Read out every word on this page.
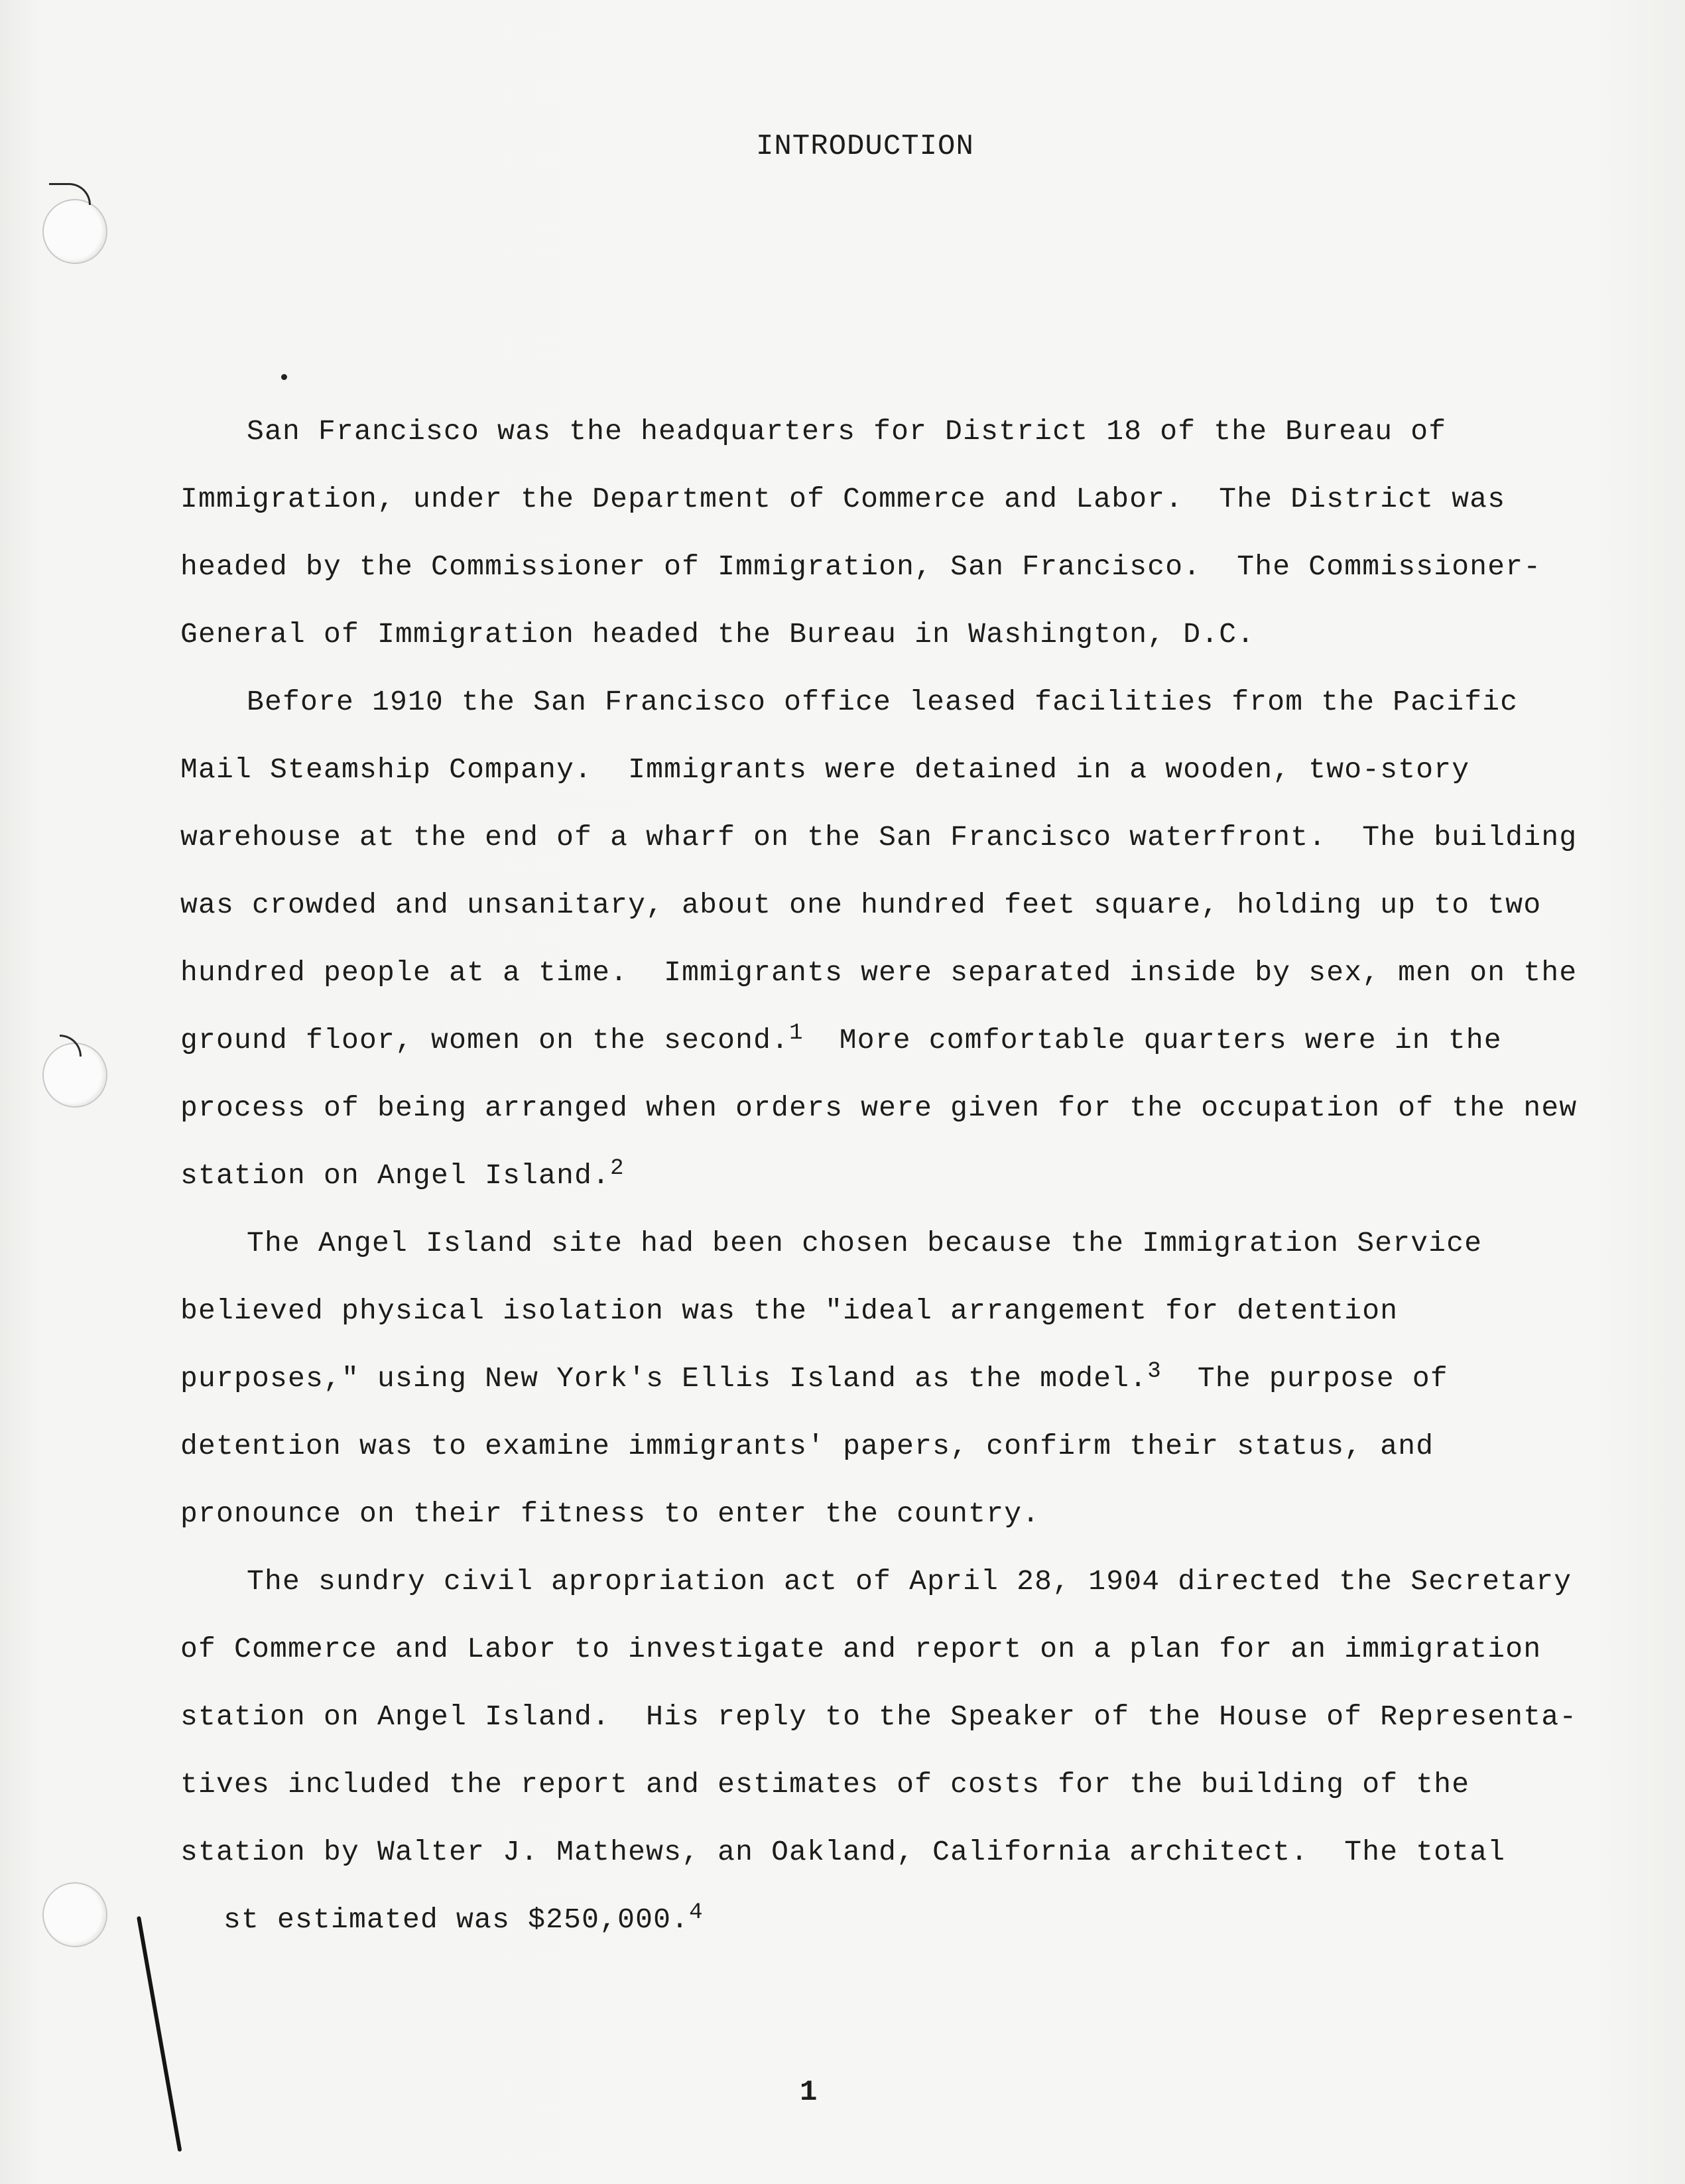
INTRODUCTION
San Francisco was the headquarters for District 18 of the Bureau of
Immigration, under the Department of Commerce and Labor.  The District was
headed by the Commissioner of Immigration, San Francisco.  The Commissioner-
General of Immigration headed the Bureau in Washington, D.C.
Before 1910 the San Francisco office leased facilities from the Pacific
Mail Steamship Company.  Immigrants were detained in a wooden, two-story
warehouse at the end of a wharf on the San Francisco waterfront.  The building
was crowded and unsanitary, about one hundred feet square, holding up to two
hundred people at a time.  Immigrants were separated inside by sex, men on the
ground floor, women on the second.$^1$  More comfortable quarters were in the
process of being arranged when orders were given for the occupation of the new
station on Angel Island.$^2$
The Angel Island site had been chosen because the Immigration Service
believed physical isolation was the "ideal arrangement for detention
purposes," using New York's Ellis Island as the model.$^3$  The purpose of
detention was to examine immigrants' papers, confirm their status, and
pronounce on their fitness to enter the country.
The sundry civil apropriation act of April 28, 1904 directed the Secretary
of Commerce and Labor to investigate and report on a plan for an immigration
station on Angel Island.  His reply to the Speaker of the House of Representa-
tives included the report and estimates of costs for the building of the
station by Walter J. Mathews, an Oakland, California architect.  The total
st estimated was $250,000.$^4$
1
